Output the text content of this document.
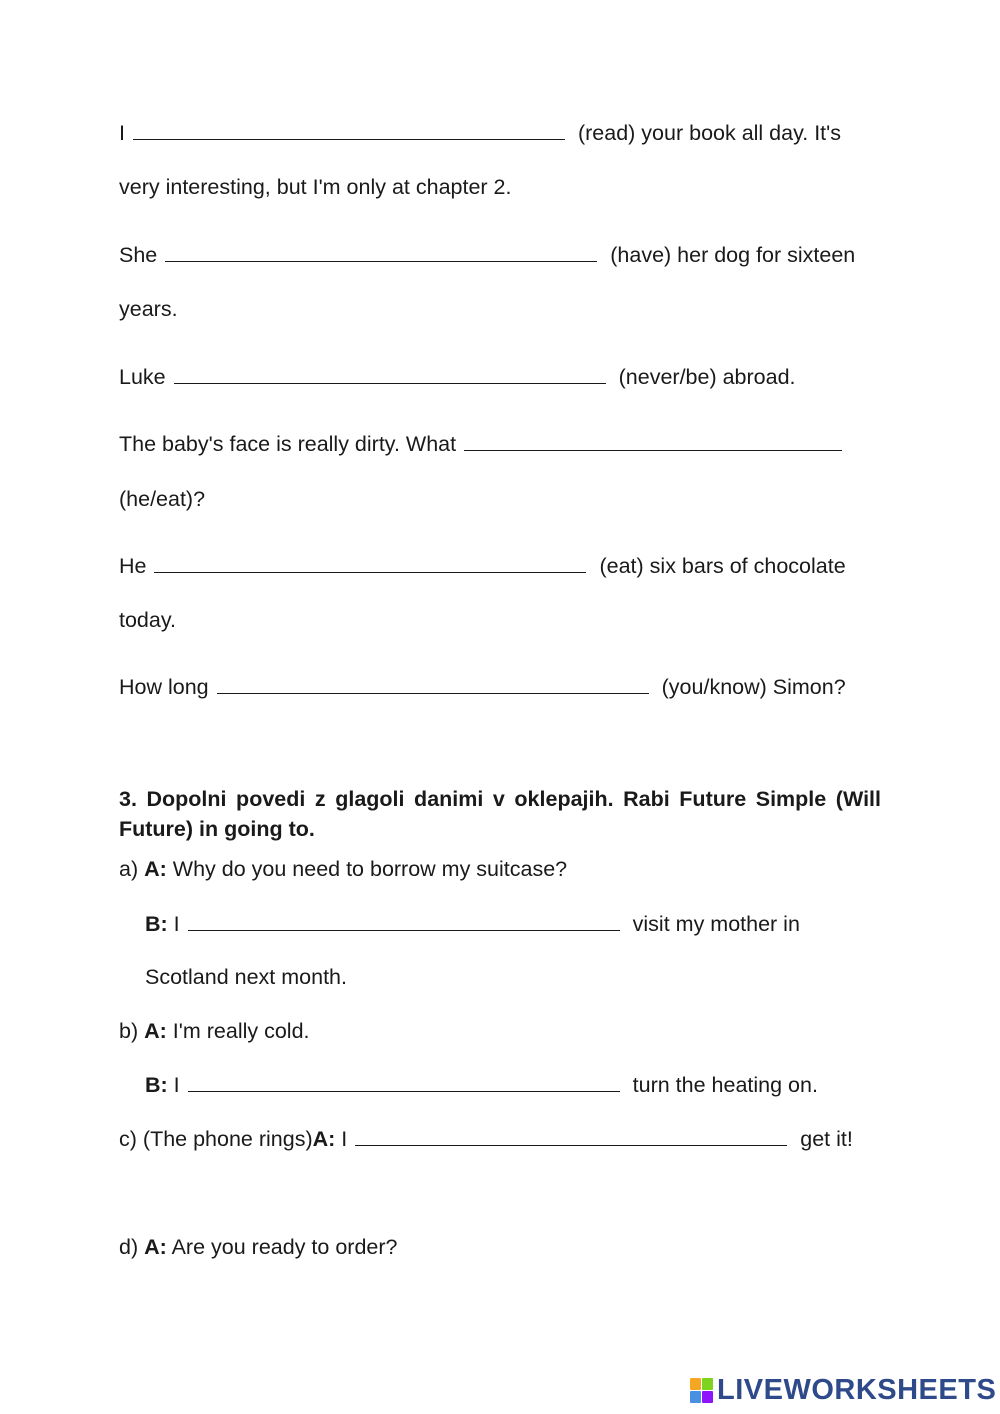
I	(read) your book all day. It's
very interesting, but I'm only at chapter 2.
She	(have) her dog for sixteen
years.
Luke	(never/be) abroad.
The baby's face is really dirty. What
(he/eat)?
He	(eat) six bars of chocolate
today.
How long	(you/know) Simon?
3. Dopolni povedi z glagoli danimi v oklepajih. Rabi Future Simple (Will Future) in going to.
a) A: Why do you need to borrow my suitcase?
B: I	visit my mother in
Scotland next month.
b) A: I'm really cold.
B: I	turn the heating on.
c) (The phone rings)A: I	get it!
d) A: Are you ready to order?
LIVEWORKSHEETS
